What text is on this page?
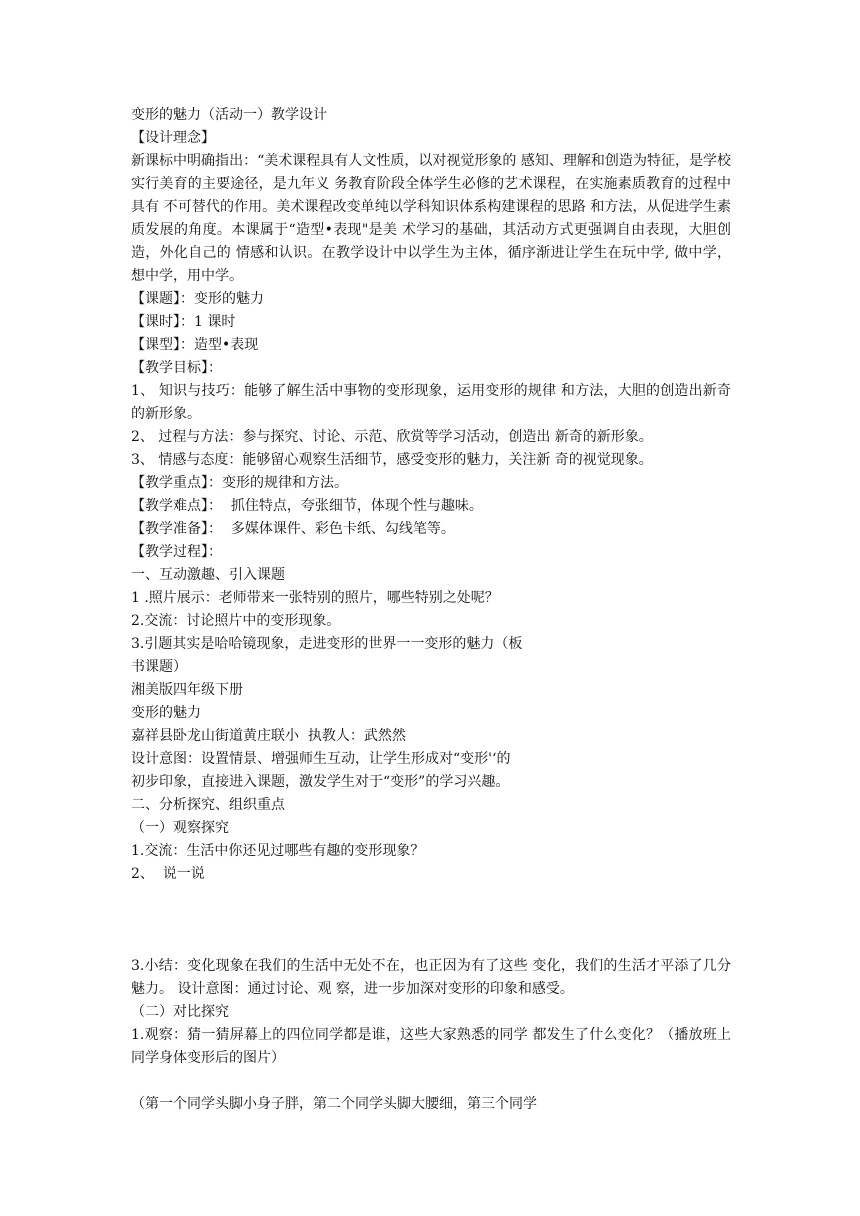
变形的魅力（活动一）教学设计
【设计理念】
新课标中明确指出：“美术课程具有人文性质，以对视觉形象的 感知、理解和创造为特征，是学校实行美育的主要途径，是九年义 务教育阶段全体学生必修的艺术课程，在实施素质教育的过程中具有 不可替代的作用。美术课程改变单纯以学科知识体系构建课程的思路 和方法，从促进学生素质发展的角度。本课属于“造型•表现"是美 术学习的基础，其活动方式更强调自由表现，大胆创造，外化自己的 情感和认识。在教学设计中以学生为主体，循序渐进让学生在玩中学, 做中学，想中学，用中学。
【课题】：变形的魅力
【课时】：1 课时
【课型】：造型•表现
【教学目标】：
1、 知识与技巧：能够了解生活中事物的变形现象，运用变形的规律 和方法，大胆的创造出新奇的新形象。
2、 过程与方法：参与探究、讨论、示范、欣赏等学习活动，创造出 新奇的新形象。
3、 情感与态度：能够留心观察生活细节，感受变形的魅力，关注新 奇的视觉现象。
【教学重点】：变形的规律和方法。
【教学难点】：  抓住特点，夸张细节，体现个性与趣味。
【教学准备】：  多媒体课件、彩色卡纸、勾线笔等。
【教学过程】：
一、互动激趣、引入课题
1 .照片展示：老师带来一张特别的照片，哪些特别之处呢？
2.交流：讨论照片中的变形现象。
3.引题其实是哈哈镜现象，走进变形的世界一一变形的魅力（板
书课题）
湘美版四年级下册
变形的魅力
嘉祥县卧龙山街道黄庄联小  执教人：武然然
设计意图：设置情景、增强师生互动，让学生形成对“变形'‘的
初步印象，直接进入课题，激发学生对于“变形”的学习兴趣。
二、分析探究、组织重点
（一）观察探究
1.交流：生活中你还见过哪些有趣的变形现象？
2、  说一说
3.小结：变化现象在我们的生活中无处不在，也正因为有了这些 变化，我们的生活才平添了几分魅力。 设计意图：通过讨论、观 察，进一步加深对变形的印象和感受。
（二）对比探究
1.观察：猜一猜屏幕上的四位同学都是谁，这些大家熟悉的同学 都发生了什么变化？（播放班上同学身体变形后的图片）
（第一个同学头脚小身子胖，第二个同学头脚大腰细，第三个同学
